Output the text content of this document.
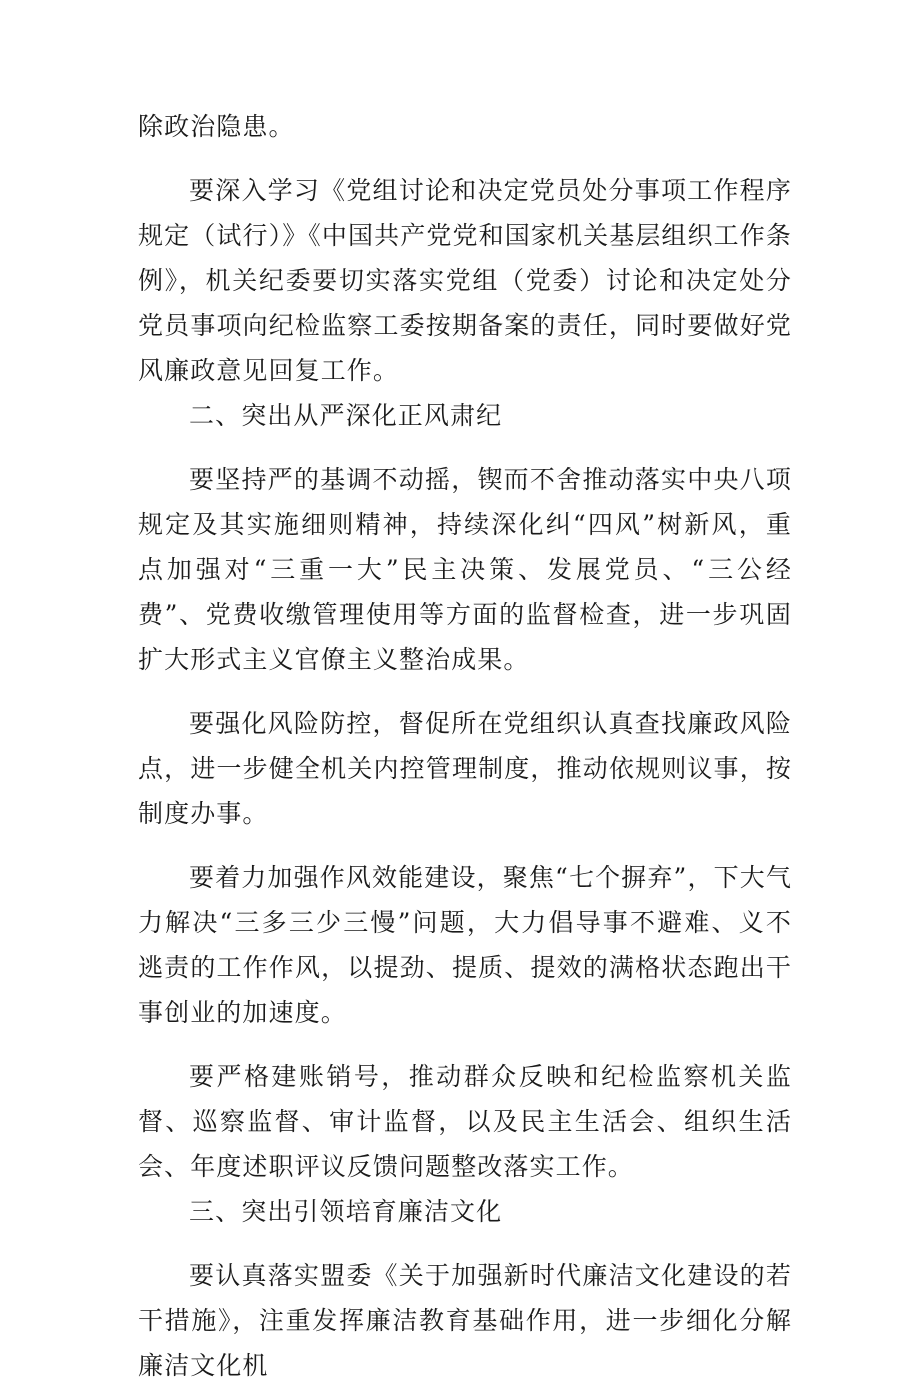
除政治隐患。

要深入学习《党组讨论和决定党员处分事项工作程序规定（试行）》《中国共产党党和国家机关基层组织工作条例》，机关纪委要切实落实党组（党委）讨论和决定处分党员事项向纪检监察工委按期备案的责任，同时要做好党风廉政意见回复工作。

二、突出从严深化正风肃纪

要坚持严的基调不动摇，锲而不舍推动落实中央八项规定及其实施细则精神，持续深化纠“四风”树新风，重点加强对“三重一大”民主决策、发展党员、“三公经费”、党费收缴管理使用等方面的监督检查，进一步巩固扩大形式主义官僚主义整治成果。

要强化风险防控，督促所在党组织认真查找廉政风险点，进一步健全机关内控管理制度，推动依规则议事，按制度办事。

要着力加强作风效能建设，聚焦“七个摒弃”，下大气力解决“三多三少三慢”问题，大力倡导事不避难、义不逃责的工作作风，以提劲、提质、提效的满格状态跑出干事创业的加速度。

要严格建账销号，推动群众反映和纪检监察机关监督、巡察监督、审计监督，以及民主生活会、组织生活会、年度述职评议反馈问题整改落实工作。

三、突出引领培育廉洁文化

要认真落实盟委《关于加强新时代廉洁文化建设的若干措施》，注重发挥廉洁教育基础作用，进一步细化分解廉洁文化机
